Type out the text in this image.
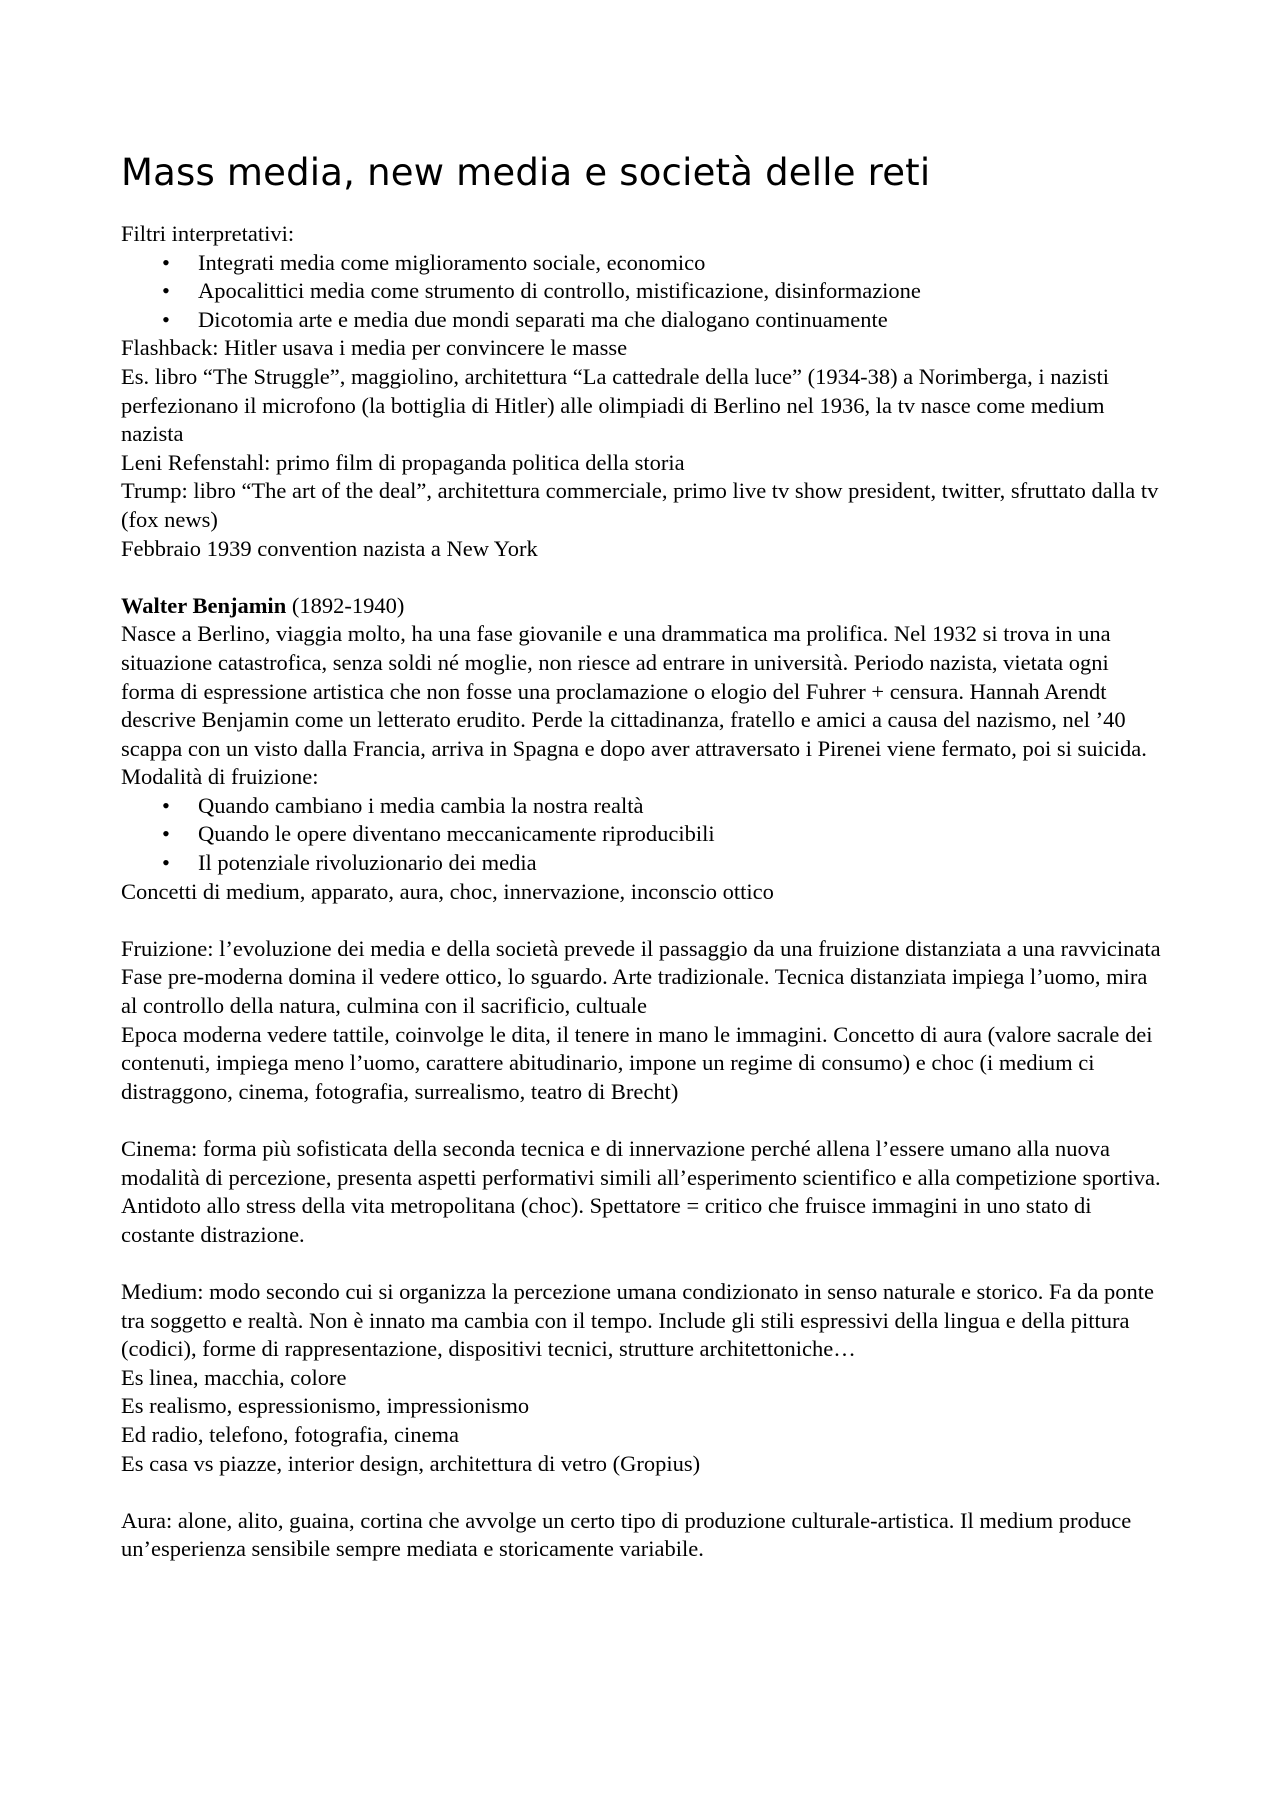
Mass media, new media e società delle reti

Filtri interpretativi:

• Integrati media come miglioramento sociale, economico
• Apocalittici media come strumento di controllo, mistificazione, disinformazione
• Dicotomia arte e media due mondi separati ma che dialogano continuamente

Flashback: Hitler usava i media per convincere le masse

Es. libro “The Struggle”, maggiolino, architettura “La cattedrale della luce” (1934-38) a Norimberga, i nazisti perfezionano il microfono (la bottiglia di Hitler) alle olimpiadi di Berlino nel 1936, la tv nasce come medium nazista

Leni Refenstahl: primo film di propaganda politica della storia

Trump: libro “The art of the deal”, architettura commerciale, primo live tv show president, twitter, sfruttato dalla tv (fox news)

Febbraio 1939 convention nazista a New York

Walter Benjamin (1892-1940)

Nasce a Berlino, viaggia molto, ha una fase giovanile e una drammatica ma prolifica. Nel 1932 si trova in una situazione catastrofica, senza soldi né moglie, non riesce ad entrare in università. Periodo nazista, vietata ogni forma di espressione artistica che non fosse una proclamazione o elogio del Fuhrer + censura. Hannah Arendt descrive Benjamin come un letterato erudito. Perde la cittadinanza, fratello e amici a causa del nazismo, nel ’40 scappa con un visto dalla Francia, arriva in Spagna e dopo aver attraversato i Pirenei viene fermato, poi si suicida.

Modalità di fruizione:

• Quando cambiano i media cambia la nostra realtà
• Quando le opere diventano meccanicamente riproducibili
• Il potenziale rivoluzionario dei media

Concetti di medium, apparato, aura, choc, innervazione, inconscio ottico

Fruizione: l’evoluzione dei media e della società prevede il passaggio da una fruizione distanziata a una ravvicinata

Fase pre-moderna domina il vedere ottico, lo sguardo. Arte tradizionale. Tecnica distanziata impiega l’uomo, mira al controllo della natura, culmina con il sacrificio, cultuale

Epoca moderna vedere tattile, coinvolge le dita, il tenere in mano le immagini. Concetto di aura (valore sacrale dei contenuti, impiega meno l’uomo, carattere abitudinario, impone un regime di consumo) e choc (i medium ci distraggono, cinema, fotografia, surrealismo, teatro di Brecht)

Cinema: forma più sofisticata della seconda tecnica e di innervazione perché allena l’essere umano alla nuova modalità di percezione, presenta aspetti performativi simili all’esperimento scientifico e alla competizione sportiva. Antidoto allo stress della vita metropolitana (choc). Spettatore = critico che fruisce immagini in uno stato di costante distrazione.

Medium: modo secondo cui si organizza la percezione umana condizionato in senso naturale e storico. Fa da ponte tra soggetto e realtà. Non è innato ma cambia con il tempo. Include gli stili espressivi della lingua e della pittura (codici), forme di rappresentazione, dispositivi tecnici, strutture architettoniche…

Es linea, macchia, colore

Es realismo, espressionismo, impressionismo

Ed radio, telefono, fotografia, cinema

Es casa vs piazze, interior design, architettura di vetro (Gropius)

Aura: alone, alito, guaina, cortina che avvolge un certo tipo di produzione culturale-artistica. Il medium produce un’esperienza sensibile sempre mediata e storicamente variabile.
